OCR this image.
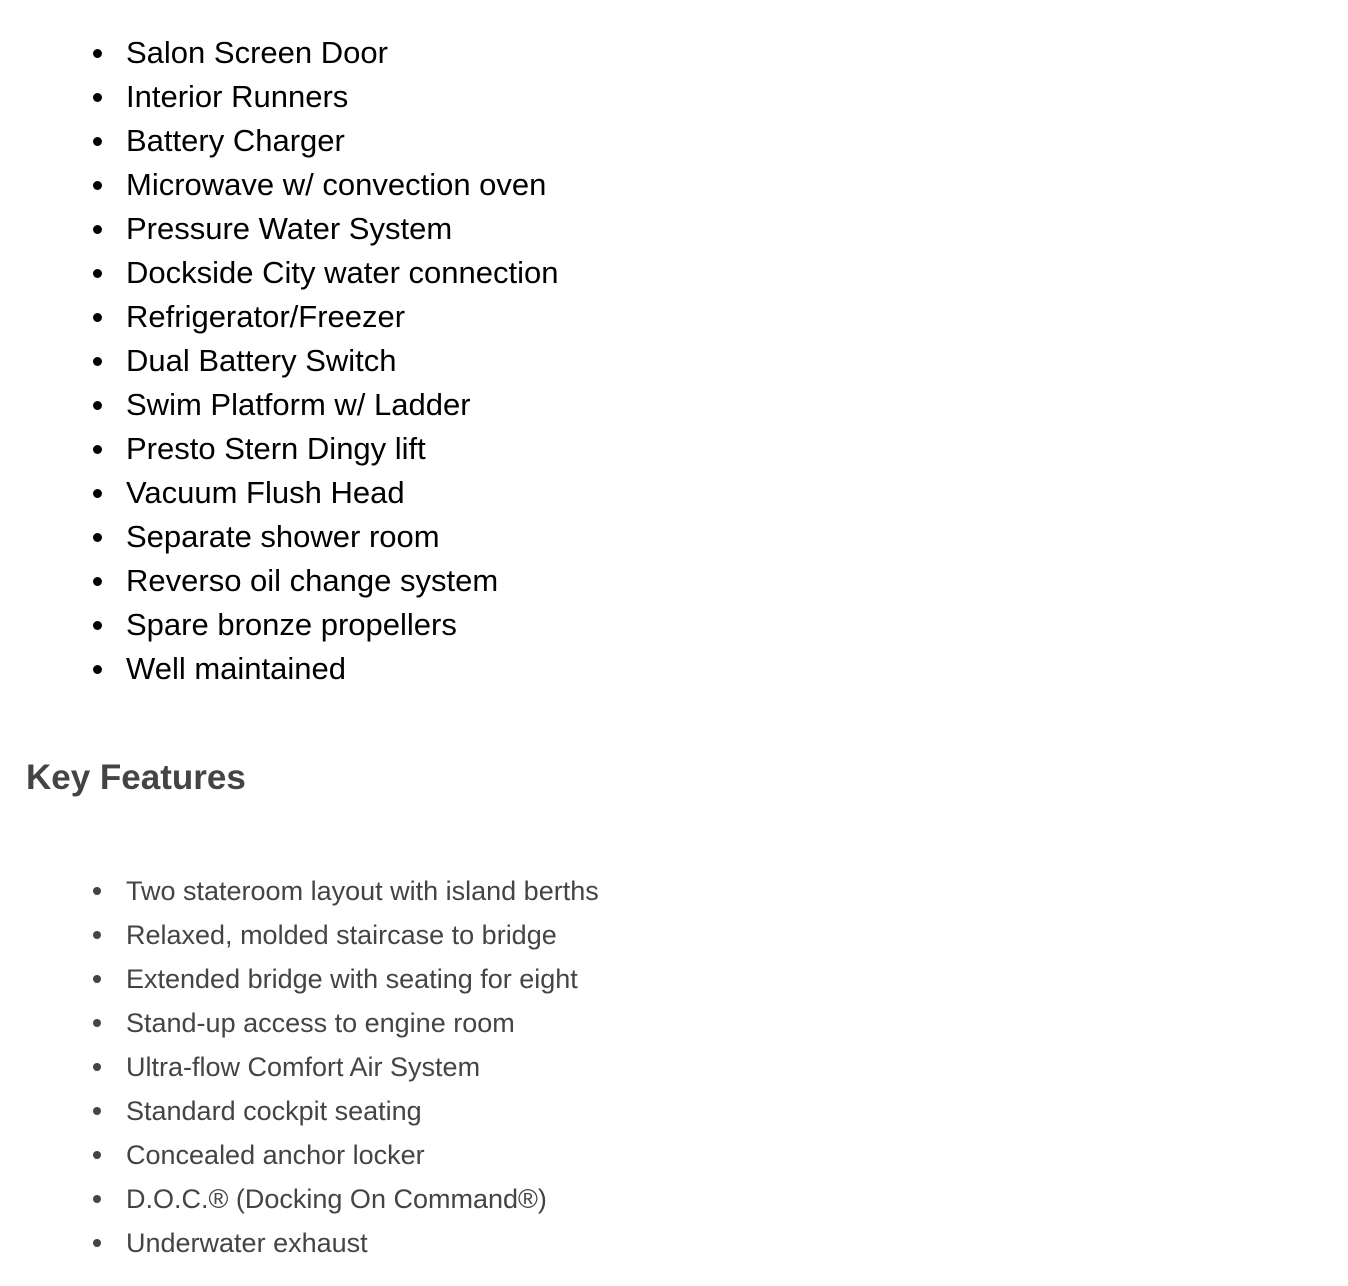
Salon Screen Door
Interior Runners
Battery Charger
Microwave w/ convection oven
Pressure Water System
Dockside City water connection
Refrigerator/Freezer
Dual Battery Switch
Swim Platform w/ Ladder
Presto Stern Dingy lift
Vacuum Flush Head
Separate shower room
Reverso oil change system
Spare bronze propellers
Well maintained
Key Features
Two stateroom layout with island berths
Relaxed, molded staircase to bridge
Extended bridge with seating for eight
Stand-up access to engine room
Ultra-flow Comfort Air System
Standard cockpit seating
Concealed anchor locker
D.O.C.® (Docking On Command®)
Underwater exhaust
